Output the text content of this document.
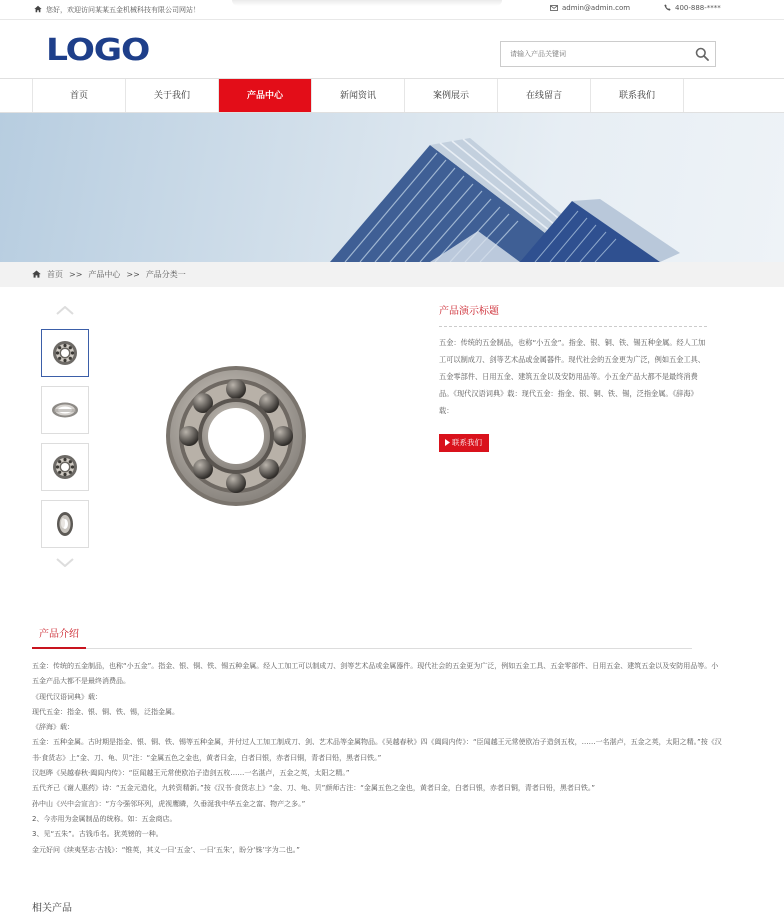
您好，欢迎访问某某五金机械科技有限公司网站！	admin@admin.com	400-888-****
LOGO
请输入产品关键词
首页	关于我们	产品中心	新闻资讯	案例展示	在线留言	联系我们
首页 >> 产品中心 >> 产品分类一
产品演示标题

五金：传统的五金制品，也称“小五金”。指金、银、铜、铁、锡五种金属。经人工加工可以制成刀、剑等艺术品或金属器件。现代社会的五金更为广泛，例如五金工具、五金零部件、日用五金、建筑五金以及安防用品等。小五金产品大都不是最终消费品。《现代汉语词典》载：现代五金：指金、银、铜、铁、锡，泛指金属。《辞海》载：

联系我们
产品介绍
五金：传统的五金制品，也称“小五金”。指金、银、铜、铁、锡五种金属。经人工加工可以制成刀、剑等艺术品或金属器件。现代社会的五金更为广泛，例如五金工具、五金零部件、日用五金、建筑五金以及安防用品等。小五金产品大都不是最终消费品。
《现代汉语词典》载：
现代五金：指金、银、铜、铁、锡，泛指金属。
《辞海》载：
五金：五种金属。古时期是指金、银、铜、铁、锡等五种金属，并付过人工加工制成刀、剑、艺术品等金属物品。《吴越春秋》四《阖闾内传》：“臣闻越王元常使欧冶子造剑五枚，……一名湛卢，五金之英，太阳之精。”按《汉书·食货志》上“金、刀、龟、贝”注：“金属五色之金也，黄者曰金，白者曰银，赤者曰铜，青者曰铅，黑者曰铁。”
汉赵晔《吴越春秋·阖闾内传》：“臣闻越王元常使欧冶子造剑五枚……一名湛卢，五金之英，太阳之精。”
五代齐己《谢人惠药》诗：“五金元造化，九转资精新。”按《汉书·食货志上》“金、刀、龟、贝”颜师古注：“金属五色之金也，黄者曰金，白者曰银，赤者曰铜，青者曰铅，黑者曰铁。”
孙中山《兴中会宣言》：“方今强邻环列，虎视鹰瞵，久垂涎我中华五金之富、物产之多。”
2、今亦用为金属制品的统称。如：五金商店。
3、见“五朱”。古钱币名。犹英镑的一种。
金元好问《续夷坚志·古钱》：“锥英，其义一曰‘五金’、一曰‘五朱’，盼分‘铢’字为二也。”
相关产品
